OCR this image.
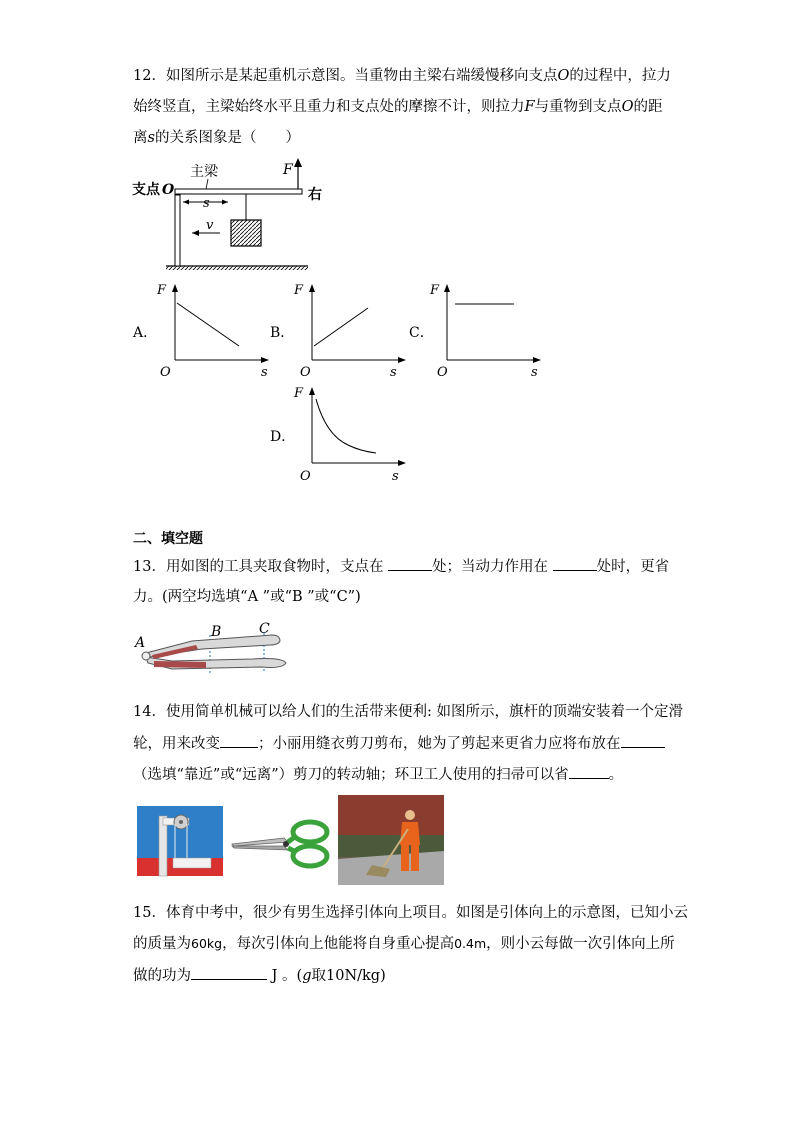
12．如图所示是某起重机示意图。当重物由主梁右端缓慢移向支点O的过程中，拉力
始终竖直，主梁始终水平且重力和支点处的摩擦不计，则拉力F与重物到支点O的距
离s的关系图象是（　　）
支点 O
主梁	F
右
s
v
A．
F
O	s
B．
F
O	s
C．
F
O	s
D．
F
O	s
二、填空题
13．用如图的工具夹取食物时，支点在	处；当动力作用在	处时，更省
力。(两空均选填“A ”或“B ”或“C”)
A
B	C
14．使用简单机械可以给人们的生活带来便利: 如图所示，旗杆的顶端安装着一个定滑
轮，用来改变	；小丽用缝衣剪刀剪布，她为了剪起来更省力应将布放在
（选填“靠近”或“远离”）剪刀的转动轴；环卫工人使用的扫帚可以省	。
15．体育中考中，很少有男生选择引体向上项目。如图是引体向上的示意图，已知小云
的质量为60kg，每次引体向上他能将自身重心提高0.4m，则小云每做一次引体向上所
做的功为	J 。(g取10N/kg)
